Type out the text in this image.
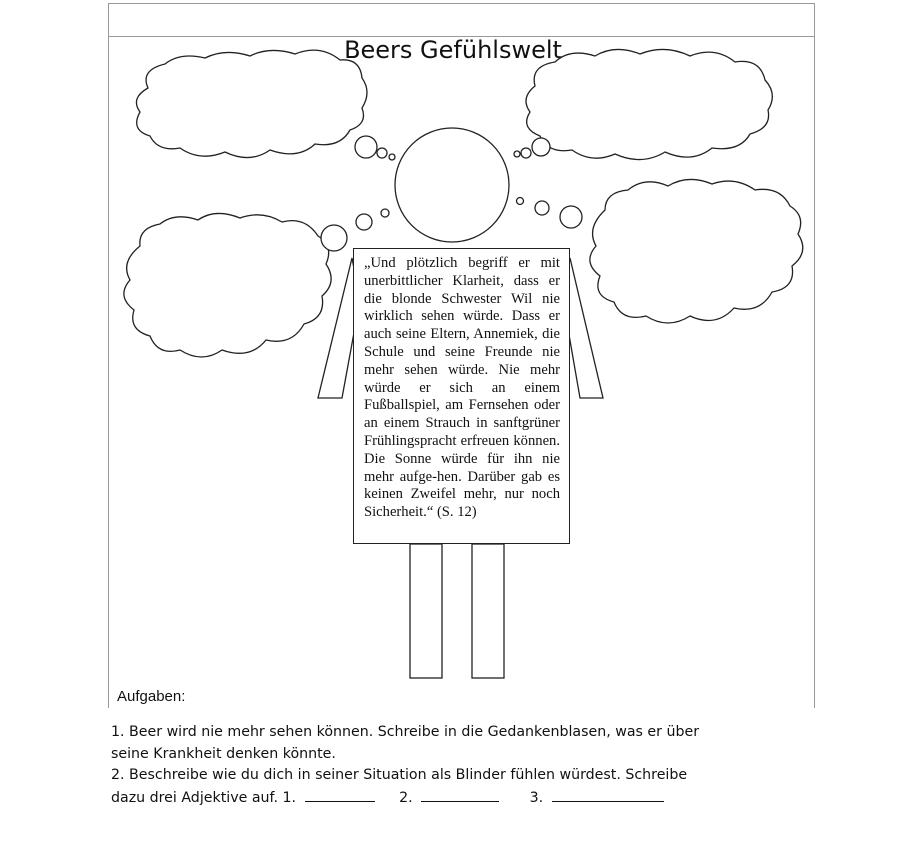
Beers Gefühlswelt

„Und plötzlich begriff er mit unerbittlicher Klarheit, dass er die blonde Schwester Wil nie wirklich sehen würde. Dass er auch seine Eltern, Annemiek, die Schule und seine Freunde nie mehr sehen würde. Nie mehr würde er sich an einem Fußballspiel, am Fernsehen oder an einem Strauch in sanftgrüner Frühlingspracht erfreuen können. Die Sonne würde für ihn nie mehr aufge-hen. Darüber gab es keinen Zweifel mehr, nur noch Sicherheit.“ (S. 12)

Aufgaben:

1. Beer wird nie mehr sehen können. Schreibe in die Gedankenblasen, was er über

seine Krankheit denken könnte.

2. Beschreibe wie du dich in seiner Situation als Blinder fühlen würdest. Schreibe

dazu drei Adjektive auf. 1.	2.	3.
